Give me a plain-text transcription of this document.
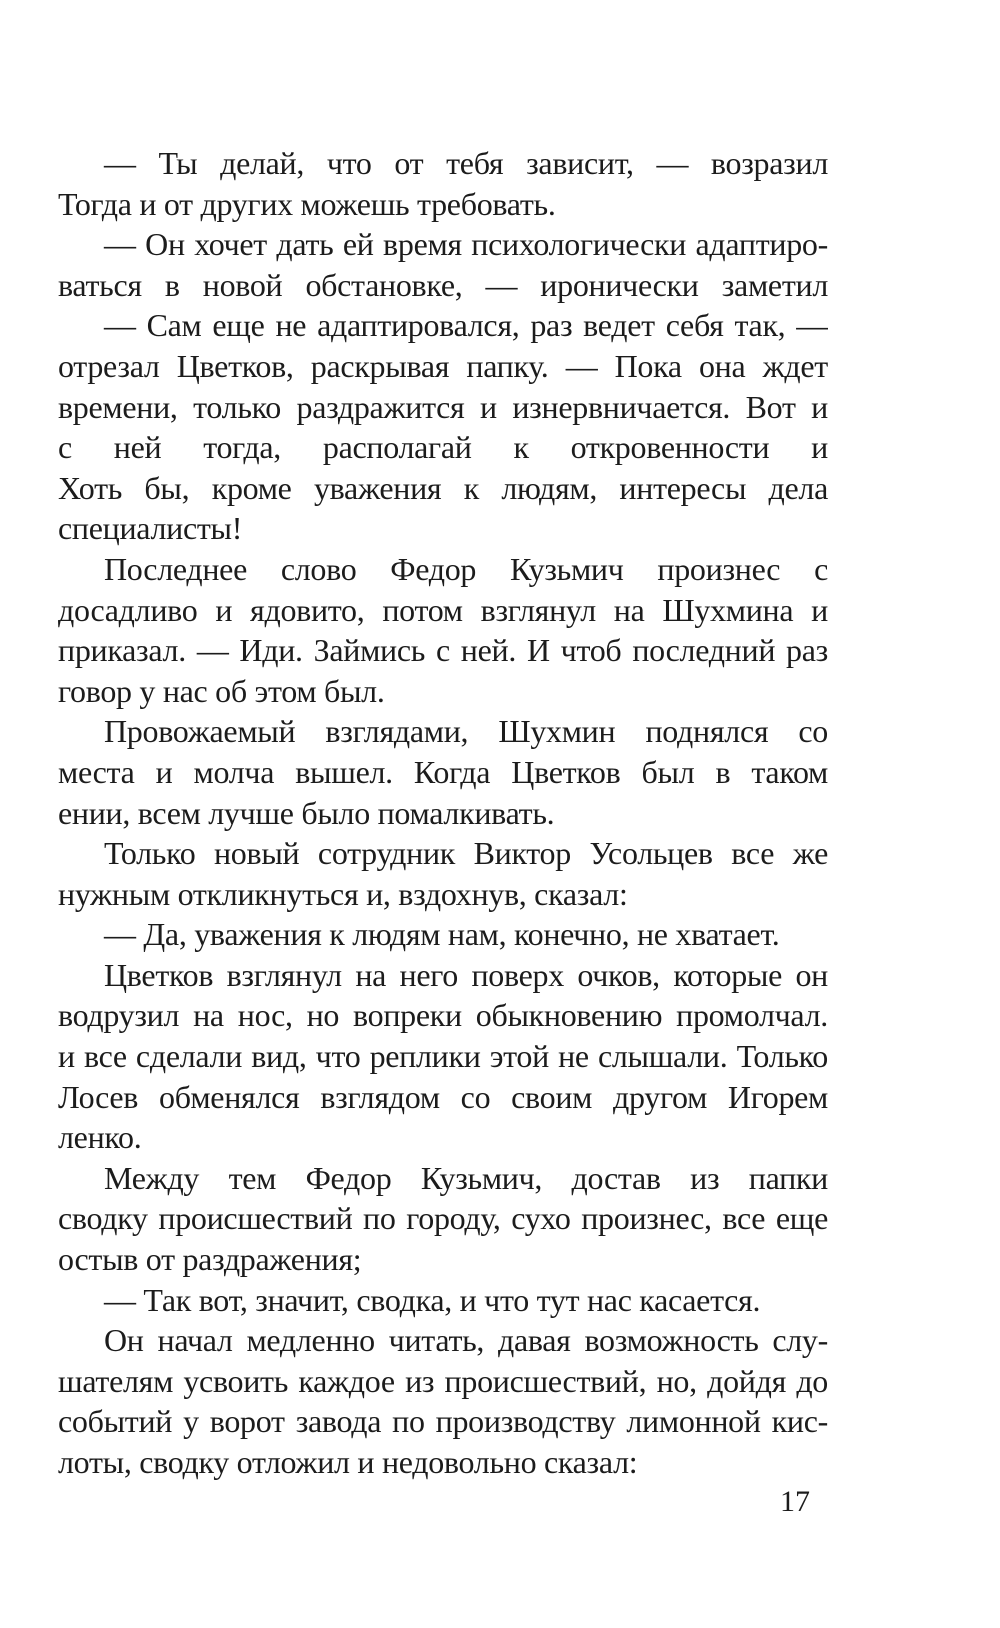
— Ты делай, что от тебя зависит, — возразил
Тогда и от других можешь требовать.
— Он хочет дать ей время психологически адаптиро-
ваться в новой обстановке, — иронически заметил
— Сам еще не адаптировался, раз ведет себя так, —
отрезал Цветков, раскрывая папку. — Пока она ждет
времени, только раздражится и изнервничается. Вот и
с ней тогда, располагай к откровенности и
Хоть бы, кроме уважения к людям, интересы дела
специалисты!
Последнее слово Федор Кузьмич произнес с
досадливо и ядовито, потом взглянул на Шухмина и
приказал. — Иди. Займись с ней. И чтоб последний раз
говор у нас об этом был.
Провожаемый взглядами, Шухмин поднялся со
места и молча вышел. Когда Цветков был в таком
ении, всем лучше было помалкивать.
Только новый сотрудник Виктор Усольцев все же
нужным откликнуться и, вздохнув, сказал:
— Да, уважения к людям нам, конечно, не хватает.
Цветков взглянул на него поверх очков, которые он
водрузил на нос, но вопреки обыкновению промолчал.
и все сделали вид, что реплики этой не слышали. Только
Лосев обменялся взглядом со своим другом Игорем
ленко.
Между тем Федор Кузьмич, достав из папки
сводку происшествий по городу, сухо произнес, все еще
остыв от раздражения;
— Так вот, значит, сводка, и что тут нас касается.
Он начал медленно читать, давая возможность слу-
шателям усвоить каждое из происшествий, но, дойдя до
событий у ворот завода по производству лимонной кис-
лоты, сводку отложил и недовольно сказал:
17
